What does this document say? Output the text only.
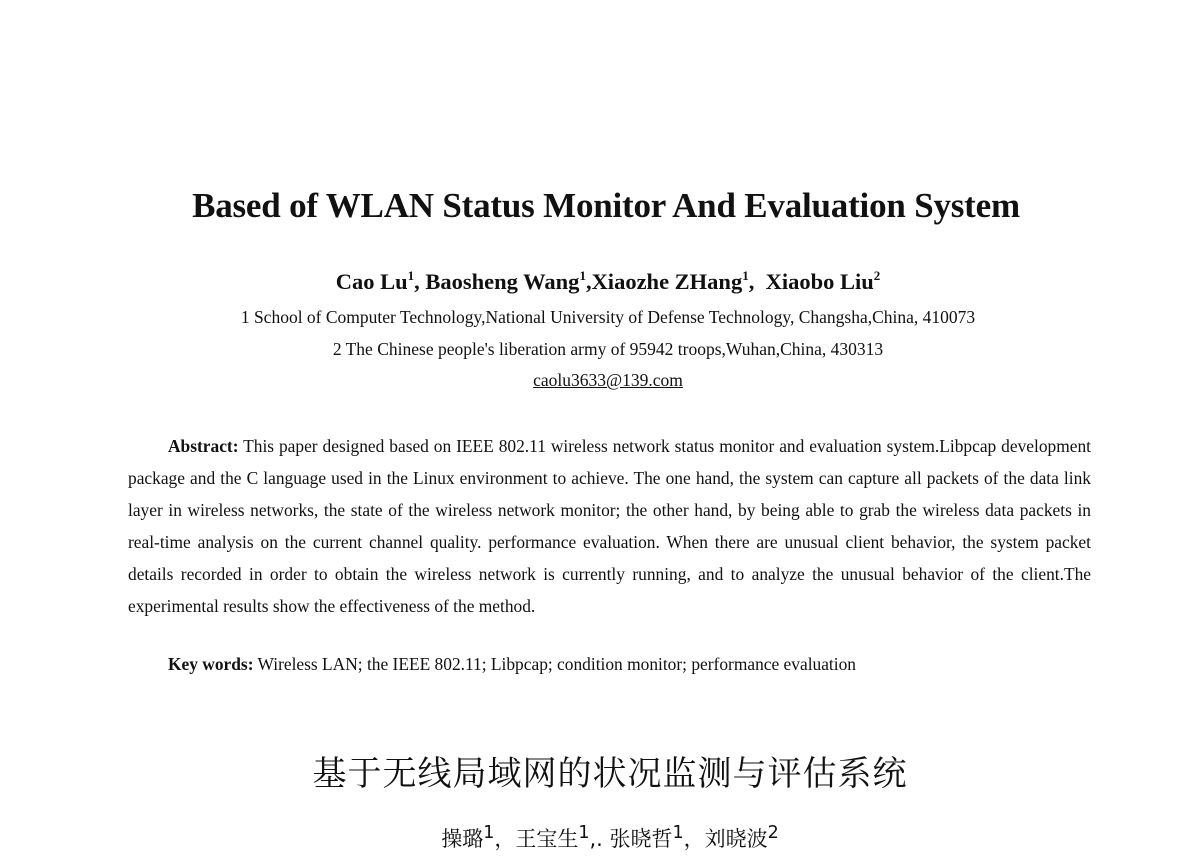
Based of WLAN Status Monitor And Evaluation System
Cao Lu$^1$, Baosheng Wang$^1$,Xiaozhe ZHang$^1$,  Xiaobo Liu$^2$
1 School of Computer Technology,National University of Defense Technology, Changsha,China, 410073
2 The Chinese people's liberation army of 95942 troops,Wuhan,China, 430313
caolu3633@139.com

Abstract: This paper designed based on IEEE 802.11 wireless network status monitor and evaluation system.Libpcap development package and the C language used in the Linux environment to achieve. The one hand, the system can capture all packets of the data link layer in wireless networks, the state of the wireless network monitor; the other hand, by being able to grab the wireless data packets in real-time analysis on the current channel quality. performance evaluation. When there are unusual client behavior, the system packet details recorded in order to obtain the wireless network is currently running, and to analyze the unusual behavior of the client.The experimental results show the effectiveness of the method.

Key words: Wireless LAN; the IEEE 802.11; Libpcap; condition monitor; performance evaluation
基于无线局域网的状况监测与评估系统
操璐$^1$，王宝生$^1$,. 张晓哲$^1$，刘晓波$^2$
